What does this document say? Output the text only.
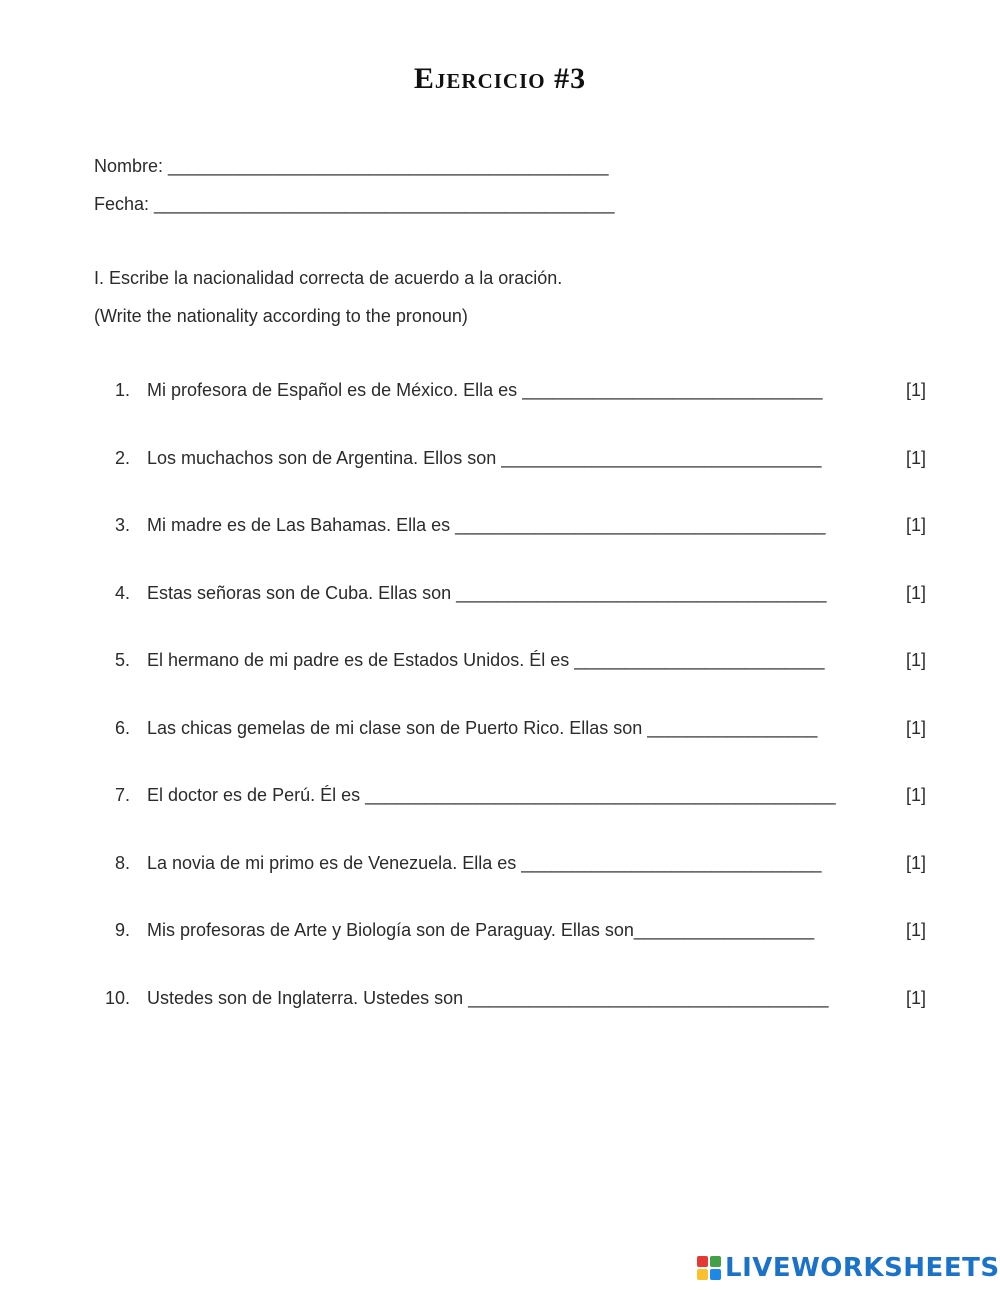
Ejercicio #3
Nombre: ____________________________________________
Fecha: ______________________________________________
I. Escribe la nacionalidad correcta de acuerdo a la oración.
(Write the nationality according to the pronoun)
1. Mi profesora de Español es de México. Ella es ______________________________	[1]
2. Los muchachos son de Argentina. Ellos son ________________________________	[1]
3. Mi madre es de Las Bahamas. Ella es _____________________________________	[1]
4. Estas señoras son de Cuba. Ellas son _____________________________________	[1]
5. El hermano de mi padre es de Estados Unidos. Él es _________________________	[1]
6. Las chicas gemelas de mi clase son de Puerto Rico. Ellas son _________________	[1]
7. El doctor es de Perú. Él es _______________________________________________	[1]
8. La novia de mi primo es de Venezuela. Ella es ______________________________	[1]
9. Mis profesoras de Arte y Biología son de Paraguay. Ellas son__________________	[1]
10. Ustedes son de Inglaterra. Ustedes son ____________________________________	[1]
LIVEWORKSHEETS
